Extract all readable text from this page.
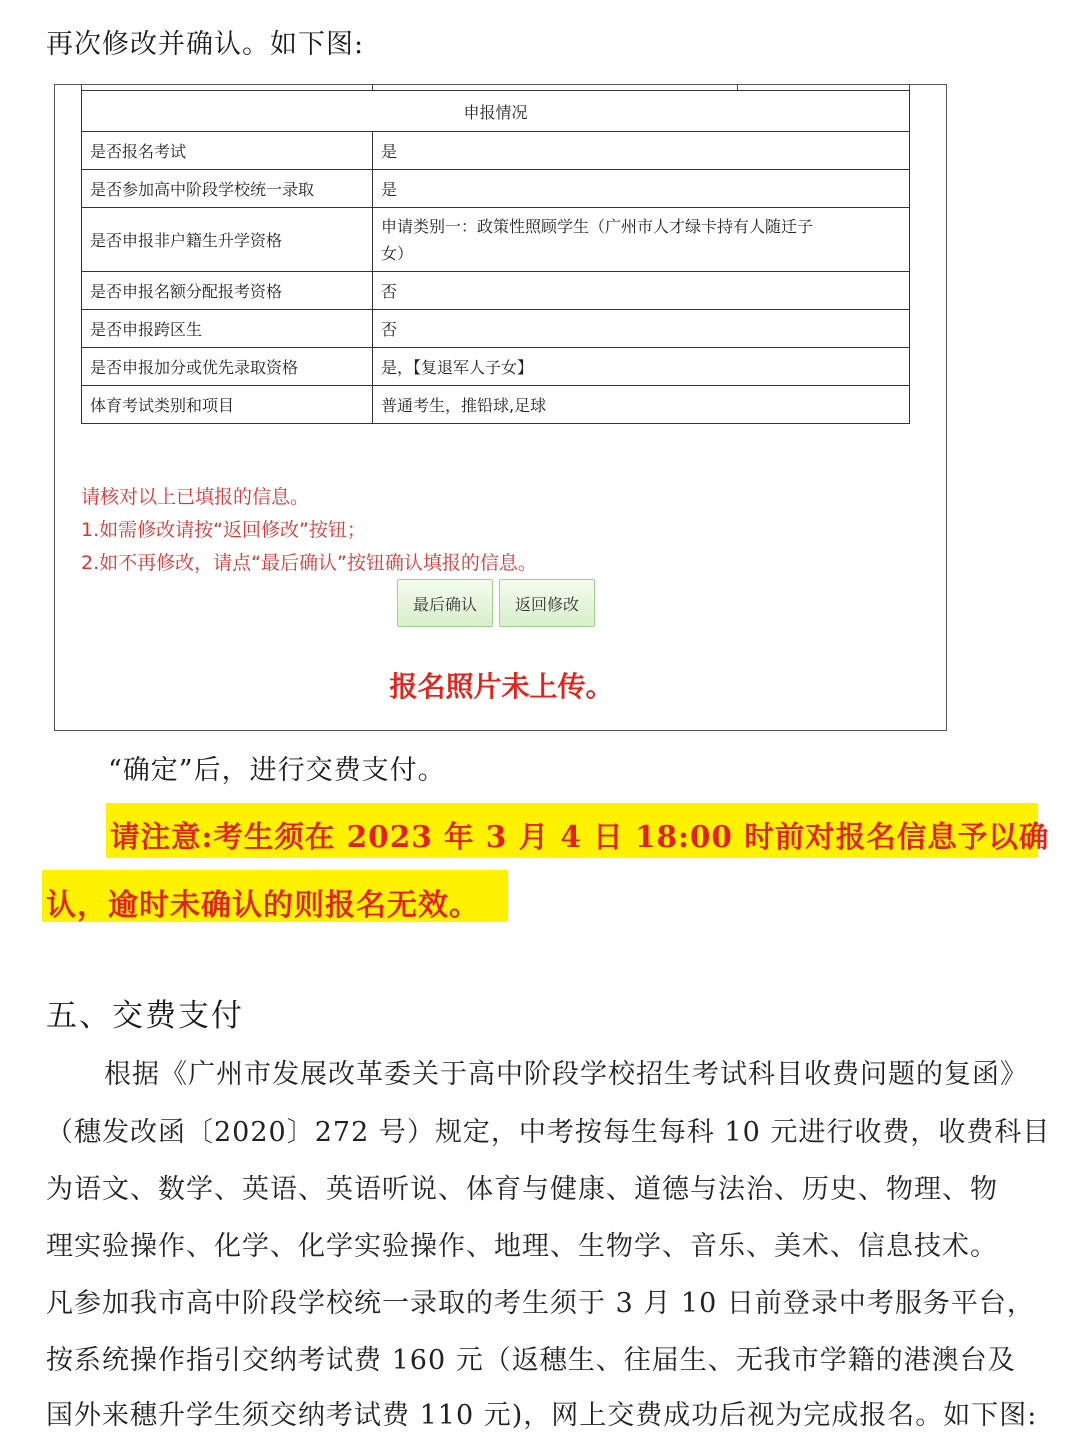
再次修改并确认。如下图:
申报情况	
是否报名考试	是
是否参加高中阶段学校统一录取	是
是否申报非户籍生升学资格	申请类别一：政策性照顾学生（广州市人才绿卡持有人随迁子
女）

是否申报名额分配报考资格	否
是否申报跨区生	否
是否申报加分或优先录取资格	是，【复退军人子女】
体育考试类别和项目	普通考生，推铅球,足球
请核对以上已填报的信息。
1.如需修改请按“返回修改”按钮；
2.如不再修改，请点“最后确认”按钮确认填报的信息。
最后确认	返回修改
报名照片未上传。
“确定”后，进行交费支付。
请注意:考生须在 2023 年 3 月 4 日 18:00 时前对报名信息予以确
认，逾时未确认的则报名无效。
五、交费支付
根据《广州市发展改革委关于高中阶段学校招生考试科目收费问题的复函》
（穗发改函〔2020〕272 号）规定，中考按每生每科 10 元进行收费，收费科目
为语文、数学、英语、英语听说、体育与健康、道德与法治、历史、物理、物
理实验操作、化学、化学实验操作、地理、生物学、音乐、美术、信息技术。
凡参加我市高中阶段学校统一录取的考生须于 3 月 10 日前登录中考服务平台，
按系统操作指引交纳考试费 160 元（返穗生、往届生、无我市学籍的港澳台及
国外来穗升学生须交纳考试费 110 元)，网上交费成功后视为完成报名。如下图:
